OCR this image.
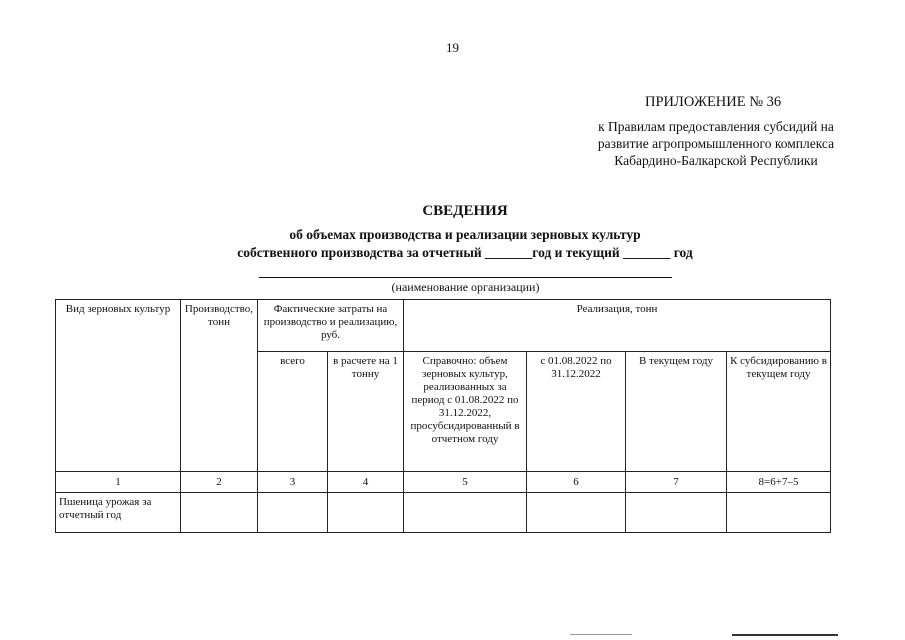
19
ПРИЛОЖЕНИЕ № 36
к Правилам предоставления субсидий на
развитие агропромышленного комплекса
Кабардино-Балкарской Республики
СВЕДЕНИЯ
об объемах производства и реализации зерновых культур
собственного производства за отчетный _______год и текущий _______ год
(наименование организации)
Вид зерновых культур	Производство, тонн	Фактические затраты на производство и реализацию, руб.		Реализация, тонн			
		всего	в расчете на 1 тонну	Справочно: объем зерновых культур, реализованных за период с 01.08.2022 по 31.12.2022, просубсидированный в отчетном году	с 01.08.2022 по 31.12.2022	В текущем году	К субсидированию в текущем году
1	2	3	4	5	6	7	8=6+7–5
Пшеница урожая за отчетный год							
